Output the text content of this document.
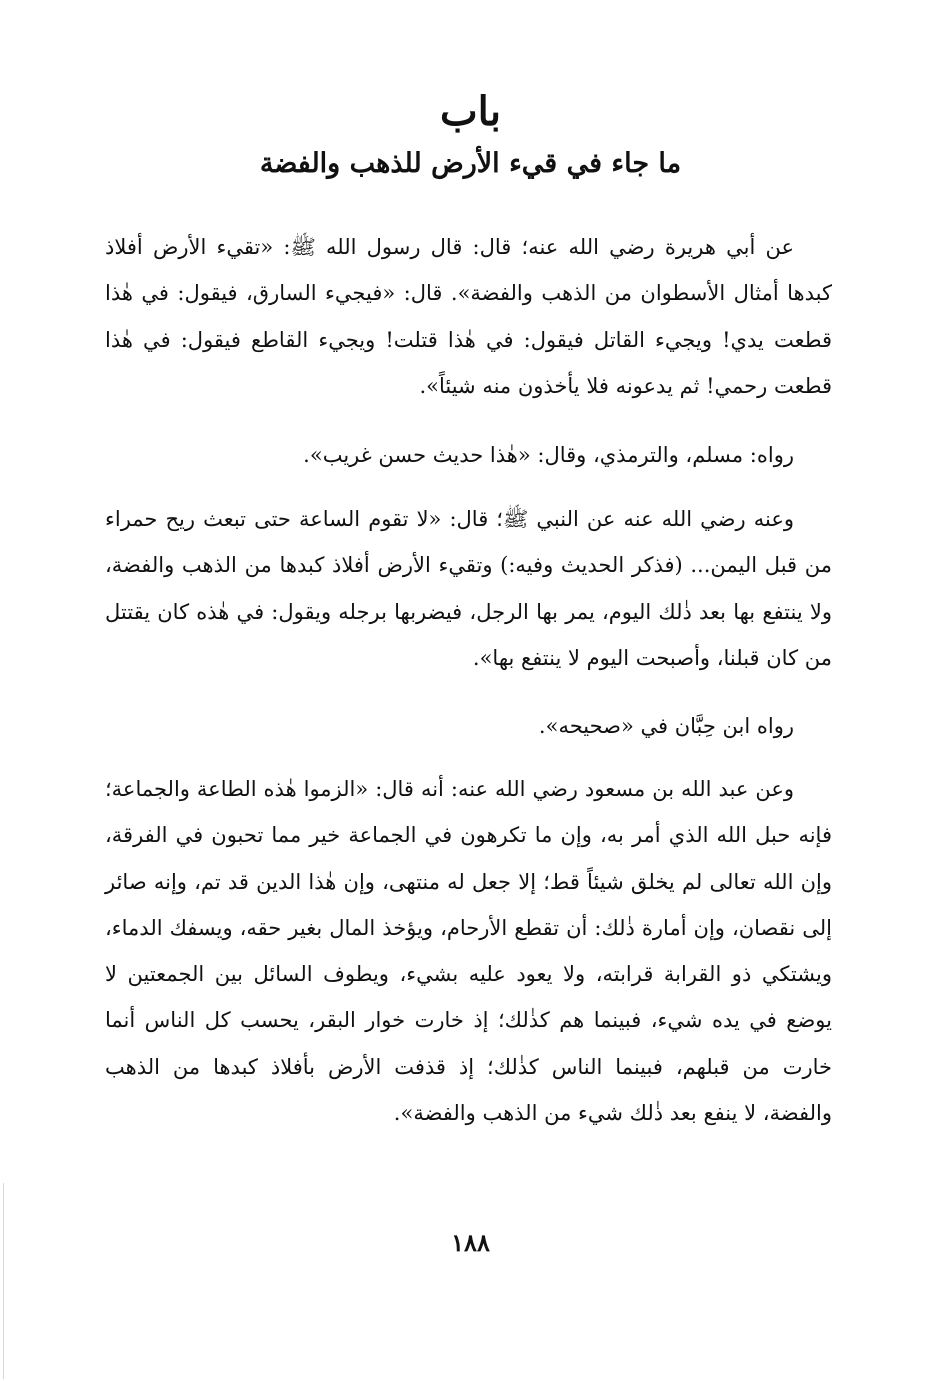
باب
ما جاء في قيء الأرض للذهب والفضة

عن أبي هريرة رضي الله عنه؛ قال: قال رسول الله ﷺ: «تقيء الأرض أفلاذ كبدها أمثال الأسطوان من الذهب والفضة». قال: «فيجيء السارق، فيقول: في هٰذا قطعت يدي! ويجيء القاتل فيقول: في هٰذا قتلت! ويجيء القاطع فيقول: في هٰذا قطعت رحمي! ثم يدعونه فلا يأخذون منه شيئاً».

رواه: مسلم، والترمذي، وقال: «هٰذا حديث حسن غريب».

وعنه رضي الله عنه عن النبي ﷺ؛ قال: «لا تقوم الساعة حتى تبعث ريح حمراء من قبل اليمن... (فذكر الحديث وفيه:) وتقيء الأرض أفلاذ كبدها من الذهب والفضة، ولا ينتفع بها بعد ذٰلك اليوم، يمر بها الرجل، فيضربها برجله ويقول: في هٰذه كان يقتتل من كان قبلنا، وأصبحت اليوم لا ينتفع بها».

رواه ابن حِبَّان في «صحيحه».

وعن عبد الله بن مسعود رضي الله عنه: أنه قال: «الزموا هٰذه الطاعة والجماعة؛ فإنه حبل الله الذي أمر به، وإن ما تكرهون في الجماعة خير مما تحبون في الفرقة، وإن الله تعالى لم يخلق شيئاً قط؛ إلا جعل له منتهى، وإن هٰذا الدين قد تم، وإنه صائر إلى نقصان، وإن أمارة ذٰلك: أن تقطع الأرحام، ويؤخذ المال بغير حقه، ويسفك الدماء، ويشتكي ذو القرابة قرابته، ولا يعود عليه بشيء، ويطوف السائل بين الجمعتين لا يوضع في يده شيء، فبينما هم كذٰلك؛ إذ خارت خوار البقر، يحسب كل الناس أنما خارت من قبلهم، فبينما الناس كذٰلك؛ إذ قذفت الأرض بأفلاذ كبدها من الذهب والفضة، لا ينفع بعد ذٰلك شيء من الذهب والفضة».

١٨٨
